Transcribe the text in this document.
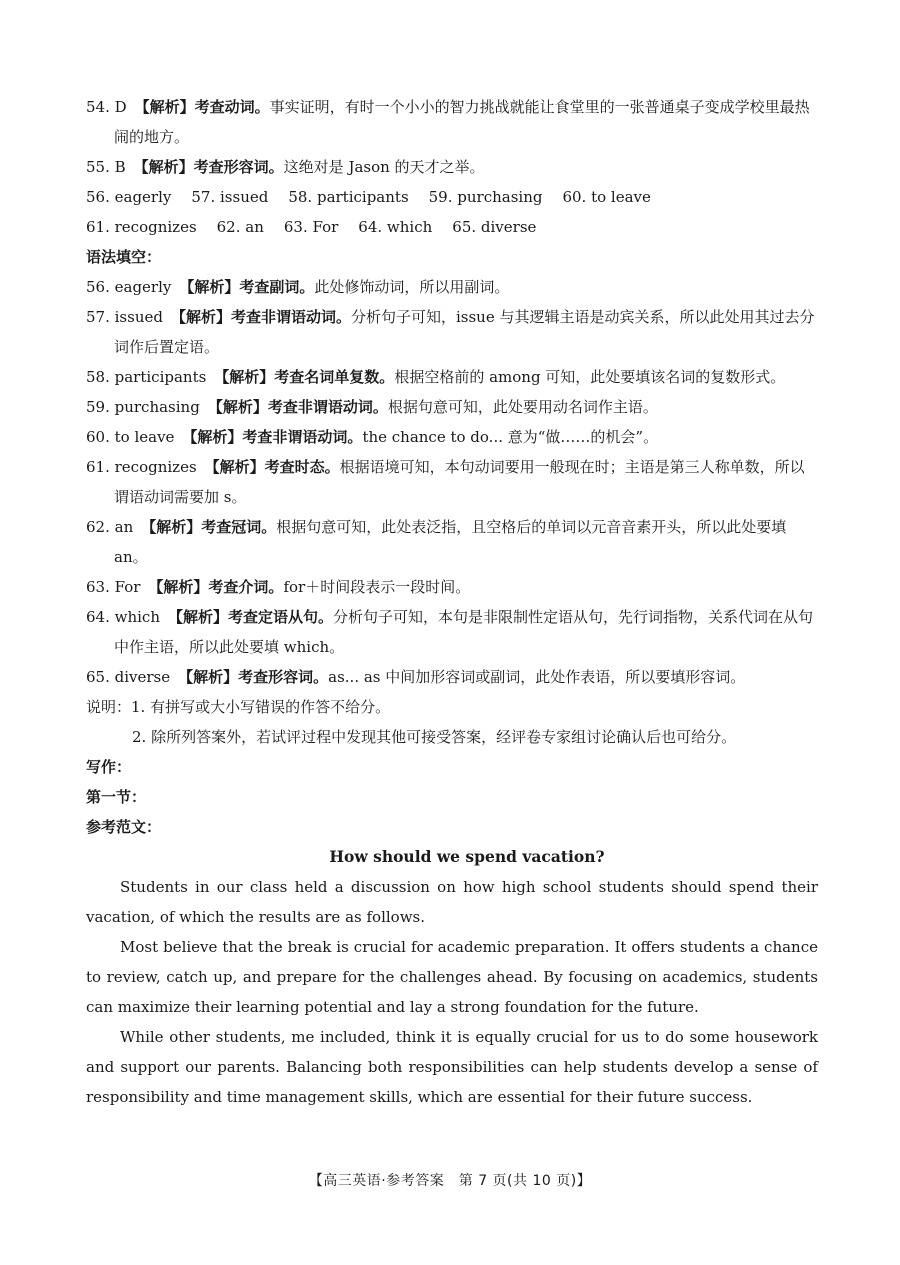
54. D 【解析】考查动词。事实证明，有时一个小小的智力挑战就能让食堂里的一张普通桌子变成学校里最热闹的地方。
55. B 【解析】考查形容词。这绝对是 Jason 的天才之举。
56. eagerly 57. issued 58. participants 59. purchasing 60. to leave
61. recognizes 62. an 63. For 64. which 65. diverse
语法填空：
56. eagerly 【解析】考查副词。此处修饰动词，所以用副词。
57. issued 【解析】考查非谓语动词。分析句子可知，issue 与其逻辑主语是动宾关系，所以此处用其过去分词作后置定语。
58. participants 【解析】考查名词单复数。根据空格前的 among 可知，此处要填该名词的复数形式。
59. purchasing 【解析】考查非谓语动词。根据句意可知，此处要用动名词作主语。
60. to leave 【解析】考查非谓语动词。the chance to do... 意为“做……的机会”。
61. recognizes 【解析】考查时态。根据语境可知，本句动词要用一般现在时；主语是第三人称单数，所以谓语动词需要加 s。
62. an 【解析】考查冠词。根据句意可知，此处表泛指，且空格后的单词以元音音素开头，所以此处要填 an。
63. For 【解析】考查介词。for＋时间段表示一段时间。
64. which 【解析】考查定语从句。分析句子可知，本句是非限制性定语从句，先行词指物，关系代词在从句中作主语，所以此处要填 which。
65. diverse 【解析】考查形容词。as... as 中间加形容词或副词，此处作表语，所以要填形容词。
说明：1. 有拼写或大小写错误的作答不给分。
2. 除所列答案外，若试评过程中发现其他可接受答案，经评卷专家组讨论确认后也可给分。
写作：
第一节：
参考范文：
How should we spend vacation?
Students in our class held a discussion on how high school students should spend their vacation, of which the results are as follows.
Most believe that the break is crucial for academic preparation. It offers students a chance to review, catch up, and prepare for the challenges ahead. By focusing on academics, students can maximize their learning potential and lay a strong foundation for the future.
While other students, me included, think it is equally crucial for us to do some housework and support our parents. Balancing both responsibilities can help students develop a sense of responsibility and time management skills, which are essential for their future success.
【高三英语·参考答案　第 7 页(共 10 页)】
